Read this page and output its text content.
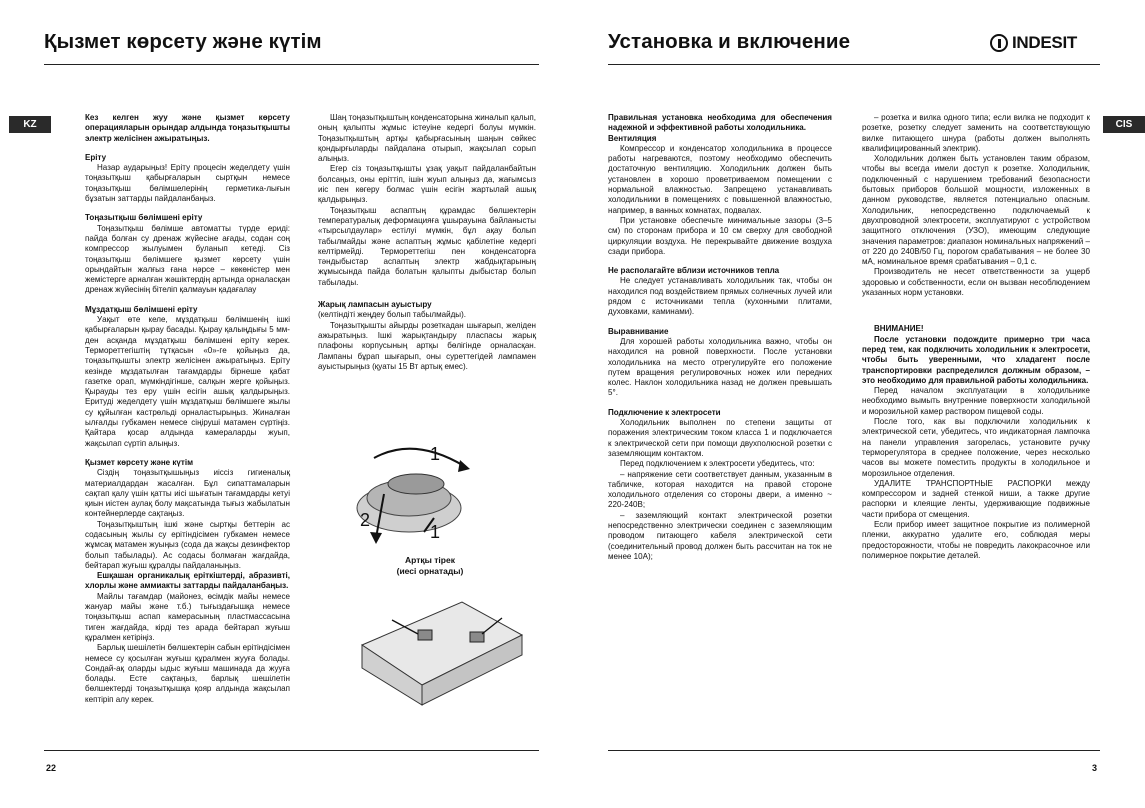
Қызмет көрсету және күтім	Установка и включение	INDESIT
KZ	CIS

Кез келген жуу және қызмет көрсету операцияларын орындар алдында тоңазытқышты электр желісінен ажыратыңыз.

Еріту

Назар аударыңыз! Еріту процесін жеделдету үшін тоңазытқыш қабырғаларын сыртқын немесе тоңазытқыш бөлімшелерінің герметика-лығын бұзатын заттарды пайдаланбаңыз.

Тоңазытқыш бөлімшені еріту

Тоңазытқыш бөлімше автоматты түрде ериді: пайда болған су дренаж жүйесіне ағады, содан соң компрессор жылуымен буланып кетеді. Сіз тоңазытқыш бөлімшеге қызмет көрсету үшін орындайтын жалғыз ғана нәрсе – көкөністер мен жемістерге арналған жәшіктердің артында орналасқан дренаж жүйесінің бітеліп қалмауын қадағалау

Мұздатқыш бөлімшені еріту

Уақыт өте келе, мұздатқыш бөлімшенің ішкі қабырғаларын қырау басады. Қырау қалыңдығы 5 мм-ден асқанда мұздатқыш бөлімшені еріту керек. Термореттегіштің тұтқасын «0»-ге қойыңыз да, тоңазытқышты электр желісінен ажыратыңыз. Еріту кезінде мұздатылған тағамдарды бірнеше қабат газетке орап, мүмкіндігінше, салқын жерге қойыңыз. Қырауды тез еру үшін есігін ашық қалдырыңыз. Еритуді жеделдету үшін мұздатқыш бөлімшеге жылы су құйылған кастрөльді орналастырыңыз. Жиналған ылғалды губкамен немесе сіңірушi матамен сүртіңіз. Қайтара қосар алдында камераларды жуып, жақсылап сүртіп алыңыз.

Қызмет көрсету және күтім

Сіздің тоңазытқышыңыз иіссіз гигиеналық материалдардан жасалған. Бұл сипаттамаларын сақтап қалу үшін қатты иісі шығатын тағамдарды кетуі қиын иістен аулақ болу мақсатында тығыз жабылатын контейнерлерде сақтаңыз.

Тоңазытқыштың ішкі және сыртқы беттерін ас содасының жылы су ерітіндісімен губкамен немесе жұмсақ матамен жуыңыз (сода да жақсы дезинфектор болып табылады). Ас содасы болмаған жағдайда, бейтарап жуғыш құралды пайдаланыңыз.

Ешқашан органикалық еріткіштерді, абразивті, хлорлы және аммиакты заттарды пайдаланбаңыз.

Майлы тағамдар (майонез, өсімдік майы немесе жануар майы және т.б.) тығыздағышқа немесе тоңазытқыш аспап камерасының пластмассасына тиген жағдайда, кірді тез арада бейтарап жуғыш құралмен кетіріңіз.

Барлық шешілетін бөлшектерін сабын ерітіндісімен немесе су қосылған жуғыш құралмен жууға болады. Сондай-ақ оларды ыдыс жуғыш машинада да жууға болады. Есте сақтаңыз, барлық шешілетін бөлшектерді тоңазытқышқа қояр алдында жақсылап кептіріп алу керек.

Шаң тоңазытқыштың конденсаторына жиналып қалып, оның қалыпты жұмыс істеуіне кедергі болуы мүмкін. Тоңазытқыштың артқы қабырғасының шаңын сөйкес қондырғыларды пайдалана отырып, жақсылап сорып алыңыз.

Егер сіз тоңазытқышты ұзақ уақыт пайдаланбайтын болсаңыз, оны еріттіп, ішін жуып алыңыз да, жағымсыз иіс пен көгеру болмас үшін есігін жартылай ашық қалдырыңыз.

Тоңазытқыш аспаптың құрамдас бөлшектерін температуралық деформацияға ұшырауына байланысты «тырсылдаулар» естілуі мүмкін, бұл ақау болып табылмайды және аспаптың жұмыс қабілетіне кедергі келтірмейді. Термореттегіш пен конденсаторға тәндыбыстар аспаптың электр жабдықтарының жұмысында пайда болатын қалыпты дыбыстар болып табылады.

Жарық лампасын ауыстыру

(келтіндіті жеңдеу болып табылмайды).

Тоңазытқышты айырды розеткадан шығарып, желіден ажыратыңыз. Ішкі жарықтандыру пласпасы жарық плафоны корпусының артқы бөлігінде орналасқан. Лампаны бұрап шығарып, оны суреттегідей лампамен ауыстырыңыз (қуаты 15 Вт артық емес).

1
2
1
Артқы тірек
(иесі орнатады)

Правильная установка необходима для обеспечения надежной и эффективной работы холодильника.

Вентиляция

Компрессор и конденсатор холодильника в процессе работы нагреваются, поэтому необходимо обеспечить достаточную вентиляцию. Холодильник должен быть установлен в хорошо проветриваемом помещении с нормальной влажностью. Запрещено устанавливать холодильники в помещениях с повышенной влажностью, например, в ванных комнатах, подвалах.

При установке обеспечьте минимальные зазоры (3–5 см) по сторонам прибора и 10 см сверху для свободной циркуляции воздуха. Не перекрывайте движение воздуха сзади прибора.

Не располагайте вблизи источников тепла

Не следует устанавливать холодильник так, чтобы он находился под воздействием прямых солнечных лучей или рядом с источниками тепла (кухонными плитами, духовками, каминами).

Выравнивание

Для хорошей работы холодильника важно, чтобы он находился на ровной поверхности. После установки холодильника на место отрегулируйте его положение путем вращения регулировочных ножек или передних колес. Наклон холодильника назад не должен превышать 5°.

Подключение к электросети

Холодильник выполнен по степени защиты от поражения электрическим током класса 1 и подключается к электрической сети при помощи двухполюсной розетки с заземляющим контактом.

Перед подключением к электросети убедитесь, что:

– напряжение сети соответствует данным, указанным в табличке, которая находится на правой стороне холодильного отделения со стороны двери, а именно ~ 220-240В;

– заземляющий контакт электрической розетки непосредственно электрически соединен с заземляющим проводом питающего кабеля электрической сети (соединительный провод должен быть рассчитан на ток не менее 10А);

– розетка и вилка одного типа; если вилка не подходит к розетке, розетку следует заменить на соответствующую вилке питающего шнура (работы должен выполнять квалифицированный электрик).

Холодильник должен быть установлен таким образом, чтобы вы всегда имели доступ к розетке. Холодильник, подключенный с нарушением требований безопасности бытовых приборов большой мощности, изложенных в данном руководстве, является потенциально опасным. Холодильник, непосредственно подключаемый к двухпроводной электросети, эксплуатируют с устройством защитного отключения (УЗО), имеющим следующие значения параметров: диапазон номинальных напряжений – от 220 до 240В/50 Гц, порогом срабатывания – не более 30 мА, номинальное время срабатывания – 0,1 с.

Производитель не несет ответственности за ущерб здоровью и собственности, если он вызван несоблюдением указанных норм установки.

ВНИМАНИЕ!

После установки подождите примерно три часа перед тем, как подключить холодильник к электросети, чтобы быть уверенными, что хладагент после транспортировки распределился должным образом, – это необходимо для правильной работы холодильника.

Перед началом эксплуатации в холодильнике необходимо вымыть внутренние поверхности холодильной и морозильной камер раствором пищевой соды.

После того, как вы подключили холодильник к электрической сети, убедитесь, что индикаторная лампочка на панели управления загорелась, установите ручку терморегулятора в среднее положение, через несколько часов вы можете поместить продукты в холодильное и морозильное отделения.

УДАЛИТЕ ТРАНСПОРТНЫЕ РАСПОРКИ между компрессором и задней стенкой ниши, а также другие распорки и клеящие ленты, удерживающие подвижные части прибора от смещения.

Если прибор имеет защитное покрытие из полимерной пленки, аккуратно удалите его, соблюдая меры предосторожности, чтобы не повредить лакокрасочное или полимерное покрытие деталей.

22	3
